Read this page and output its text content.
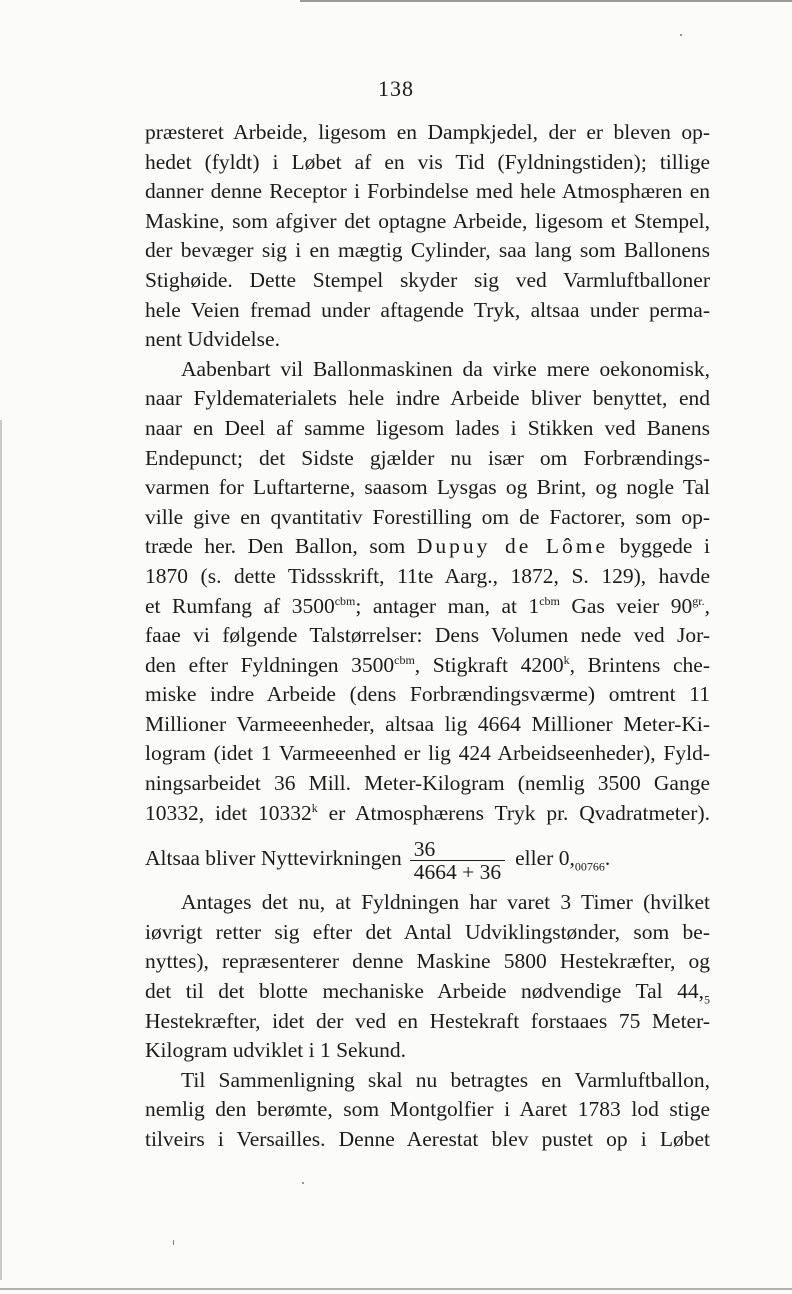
138
præsteret Arbeide, ligesom en Dampkjedel, der er bleven op-
hedet (fyldt) i Løbet af en vis Tid (Fyldningstiden); tillige
danner denne Receptor i Forbindelse med hele Atmosphæren en
Maskine, som afgiver det optagne Arbeide, ligesom et Stempel,
der bevæger sig i en mægtig Cylinder, saa lang som Ballonens
Stighøide. Dette Stempel skyder sig ved Varmluftballoner
hele Veien fremad under aftagende Tryk, altsaa under perma-
nent Udvidelse.
Aabenbart vil Ballonmaskinen da virke mere oekonomisk,
naar Fyldematerialets hele indre Arbeide bliver benyttet, end
naar en Deel af samme ligesom lades i Stikken ved Banens
Endepunct; det Sidste gjælder nu især om Forbrændings-
varmen for Luftarterne, saasom Lysgas og Brint, og nogle Tal
ville give en qvantitativ Forestilling om de Factorer, som op-
træde her. Den Ballon, som Dupuy de Lôme byggede i
1870 (s. dette Tidssskrift, 11te Aarg., 1872, S. 129), havde
et Rumfang af $3500^{cbm}$; antager man, at $1^{cbm}$ Gas veier $90^{gr.}$,
faae vi følgende Talstørrelser: Dens Volumen nede ved Jor-
den efter Fyldningen $3500^{cbm}$, Stigkraft 4200$^k$, Brintens che-
miske indre Arbeide (dens Forbrændingsværme) omtrent 11
Millioner Varmeeenheder, altsaa lig 4664 Millioner Meter-Ki-
logram (idet 1 Varmeeenhed er lig 424 Arbeidseenheder), Fyld-
ningsarbeidet 36 Mill. Meter-Kilogram (nemlig 3500 Gange
10332, idet 10332$^k$ er Atmosphærens Tryk pr. Qvadratmeter).
Altsaa bliver Nyttevirkningen $\frac{36}{4664 + 36}$ eller $0,_{00766}$.
Antages det nu, at Fyldningen har varet 3 Timer (hvilket
iøvrigt retter sig efter det Antal Udviklingstønder, som be-
nyttes), repræsenterer denne Maskine 5800 Hestekræfter, og
det til det blotte mechaniske Arbeide nødvendige Tal $44,_5$
Hestekræfter, idet der ved en Hestekraft forstaaes 75 Meter-
Kilogram udviklet i 1 Sekund.
Til Sammenligning skal nu betragtes en Varmluftballon,
nemlig den berømte, som Montgolfier i Aaret 1783 lod stige
tilveirs i Versailles. Denne Aerestat blev pustet op i Løbet
